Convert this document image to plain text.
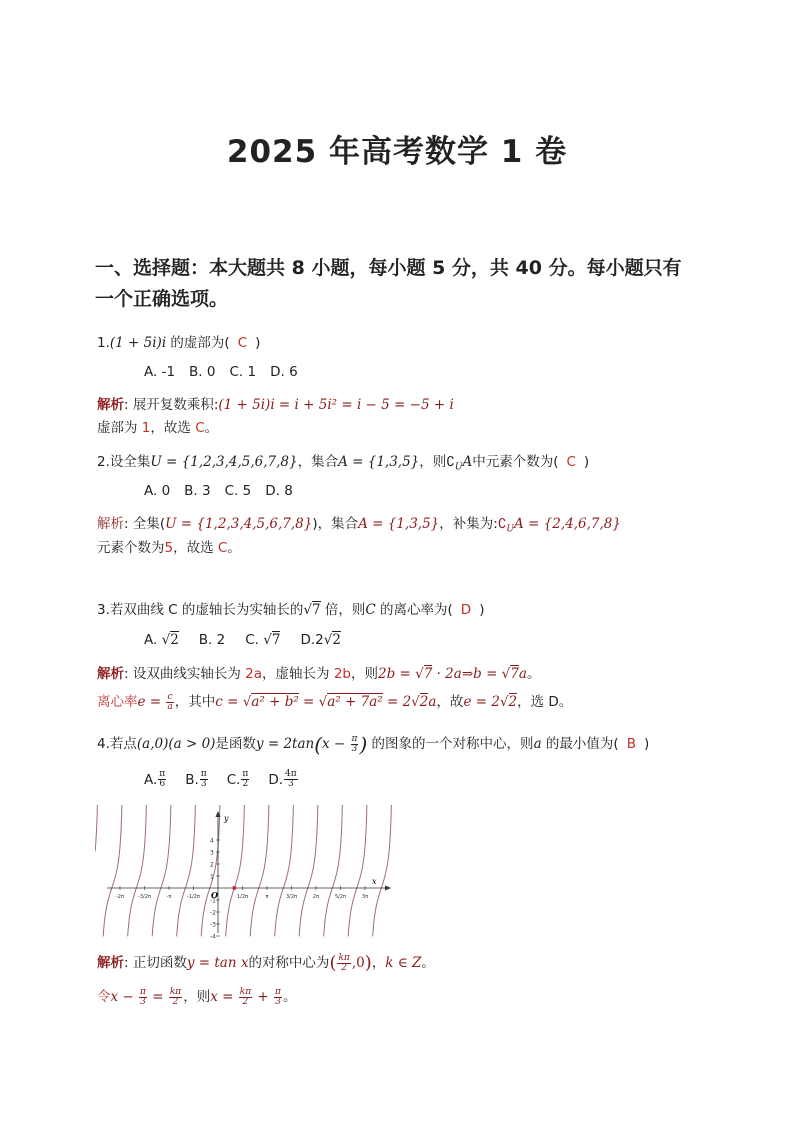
2025 年高考数学 1 卷
一、选择题：本大题共 8 小题，每小题 5 分，共 40 分。每小题只有
一个正确选项。
1.(1 + 5i)i 的虚部为( C )
A. -1 B. 0 C. 1 D. 6
解析: 展开复数乘积:(1 + 5i)i = i + 5i² = i − 5 = −5 + i
虚部为 1，故选 C。
2.设全集U = {1,2,3,4,5,6,7,8}，集合A = {1,3,5}，则$∁_UA$中元素个数为( C )
A. 0 B. 3 C. 5 D. 8
解析: 全集(U = {1,2,3,4,5,6,7,8})，集合A = {1,3,5}，补集为$:∁_UA = \{2,4,6,7,8\}$
元素个数为5，故选 C。
3.若双曲线 C 的虚轴长为实轴长的√7 倍，则C 的离心率为( D )
A. √2 B. 2 C. √7 D.2√2
解析: 设双曲线实轴长为 2a，虚轴长为 2b，则2b = √7 · 2a⇒b = √7a。
离心率$e = \frac{c}{a}$ ，其中c = √a² + b² = √a² + 7a² = 2√2a，故e = 2√2，选 D。
4.若点(a,0)(a > 0)是函数$y = 2\tan(x - \frac{\pi}{3}$ ) 的图象的一个对称中心，则a 的最小值为( B )
A. $\frac{\pi}{6} B$. $\frac{\pi}{3} C$. $\frac{\pi}{2} D$. $\frac{4\pi}{3}$
y
x
O
4
3
2
1
-1
-2
-3
-4
-2π	-3/2π	-π	-1/2π	1/2π	π	3/2π	2π	5/2π	3π
解析: 正切函数y = tan x的对称中心为( $\frac{k\pi}{2} ,0$)，k ∈ Z。
令$x - \frac{\pi}{3} = \frac{k\pi}{2}$ ，则$x = \frac{k\pi}{2} + \frac{\pi}{3}$ 。
